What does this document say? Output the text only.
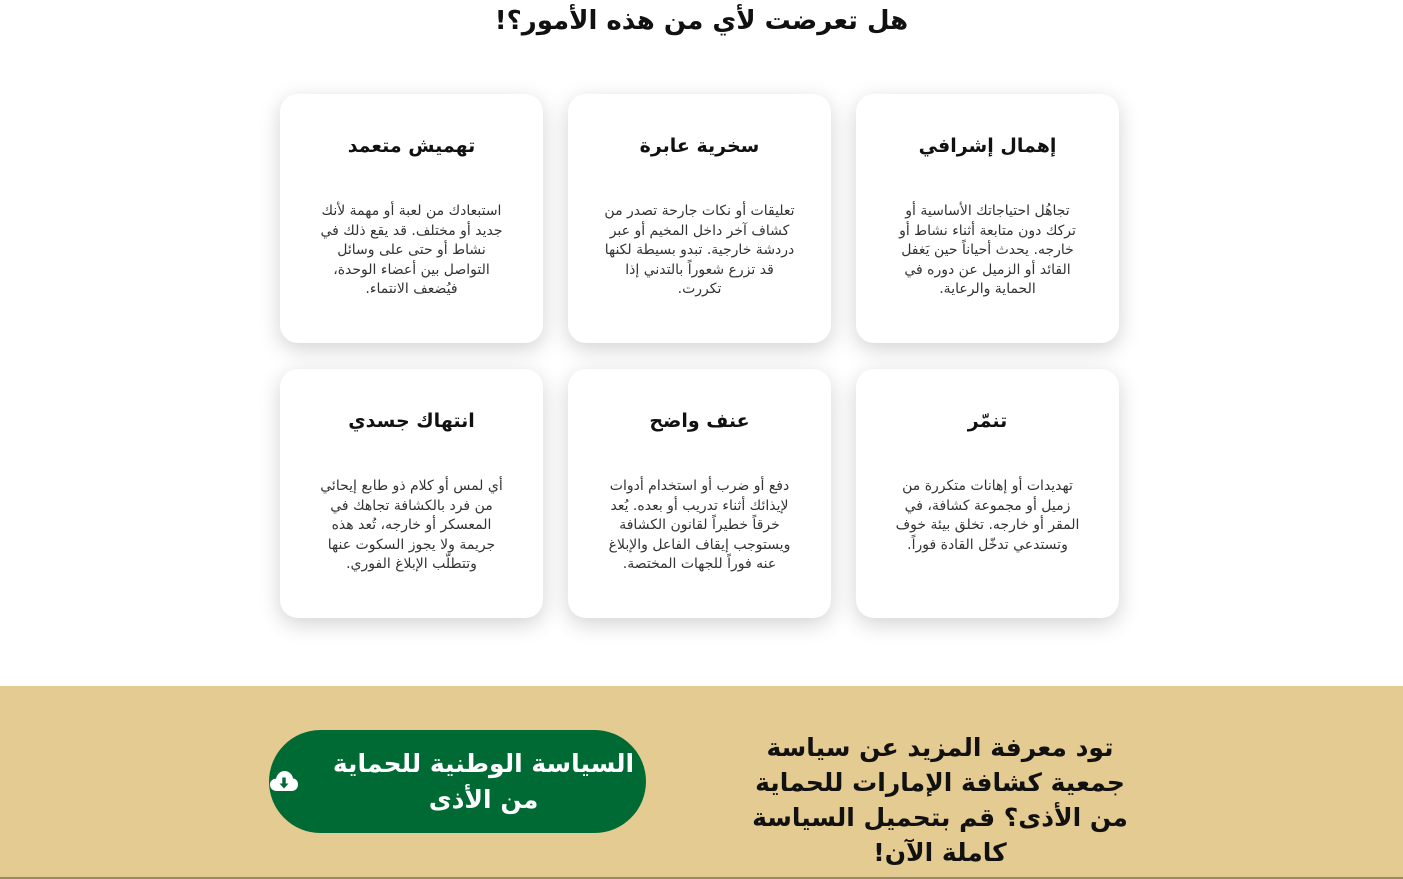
هل تعرضت لأي من هذه الأمور؟!
إهمال إشرافي

تجاهُل احتياجاتك الأساسية أو تركك دون متابعة أثناء نشاط أو خارجه. يحدث أحياناً حين يَغفل القائد أو الزميل عن دوره في الحماية والرعاية.

سخرية عابرة

تعليقات أو نكات جارحة تصدر من كشاف آخر داخل المخيم أو عبر دردشة خارجية. تبدو بسيطة لكنها قد تزرع شعوراً بالتدني إذا تكررت.

تهميش متعمد

استبعادك من لعبة أو مهمة لأنك جديد أو مختلف. قد يقع ذلك في نشاط أو حتى على وسائل التواصل بين أعضاء الوحدة، فيُضعف الانتماء.

تنمّر

تهديدات أو إهانات متكررة من زميل أو مجموعة كشافة، في المقر أو خارجه. تخلق بيئة خوف وتستدعي تدخّل القادة فوراً.

عنف واضح

دفع أو ضرب أو استخدام أدوات لإيذائك أثناء تدريب أو بعده. يُعد خرقاً خطيراً لقانون الكشافة ويستوجب إيقاف الفاعل والإبلاغ عنه فوراً للجهات المختصة.

انتهاك جسدي

أي لمس أو كلام ذو طابع إيحائي من فرد بالكشافة تجاهك في المعسكر أو خارجه، تُعد هذه جريمة ولا يجوز السكوت عنها وتتطلّب الإبلاغ الفوري.

تود معرفة المزيد عن سياسة جمعية كشافة الإمارات للحماية من الأذى؟ قم بتحميل السياسة كاملة الآن!

السياسة الوطنية للحماية من الأذى
